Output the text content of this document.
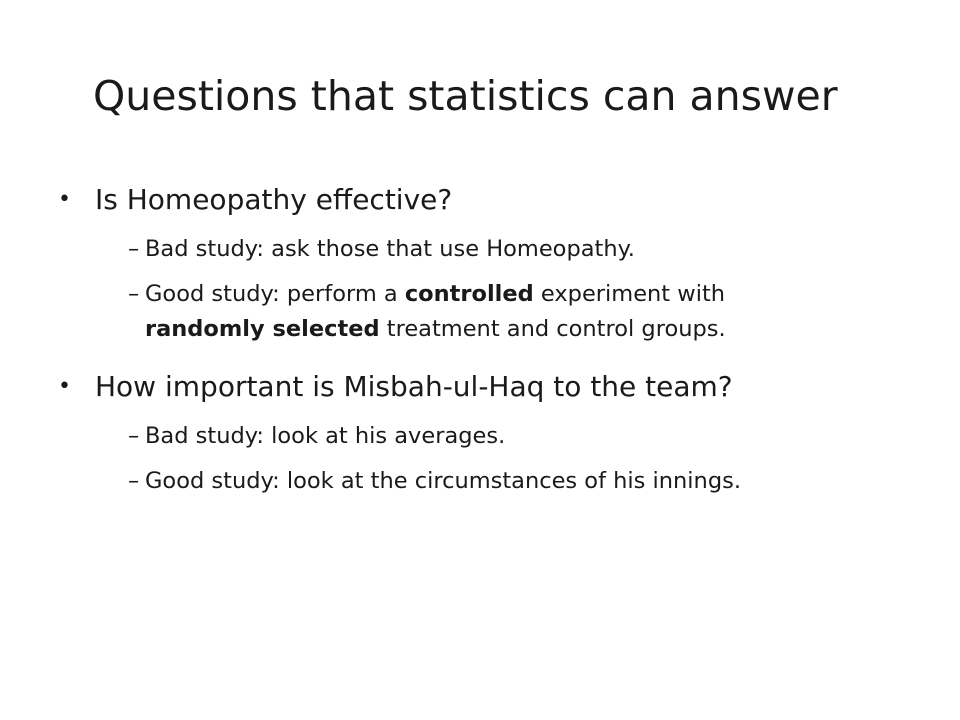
Questions that statistics can answer
• Is Homeopathy effective?
– Bad study: ask those that use Homeopathy.
– Good study: perform a controlled experiment with randomly selected treatment and control groups.
• How important is Misbah-ul-Haq to the team?
– Bad study: look at his averages.
– Good study: look at the circumstances of his innings.
